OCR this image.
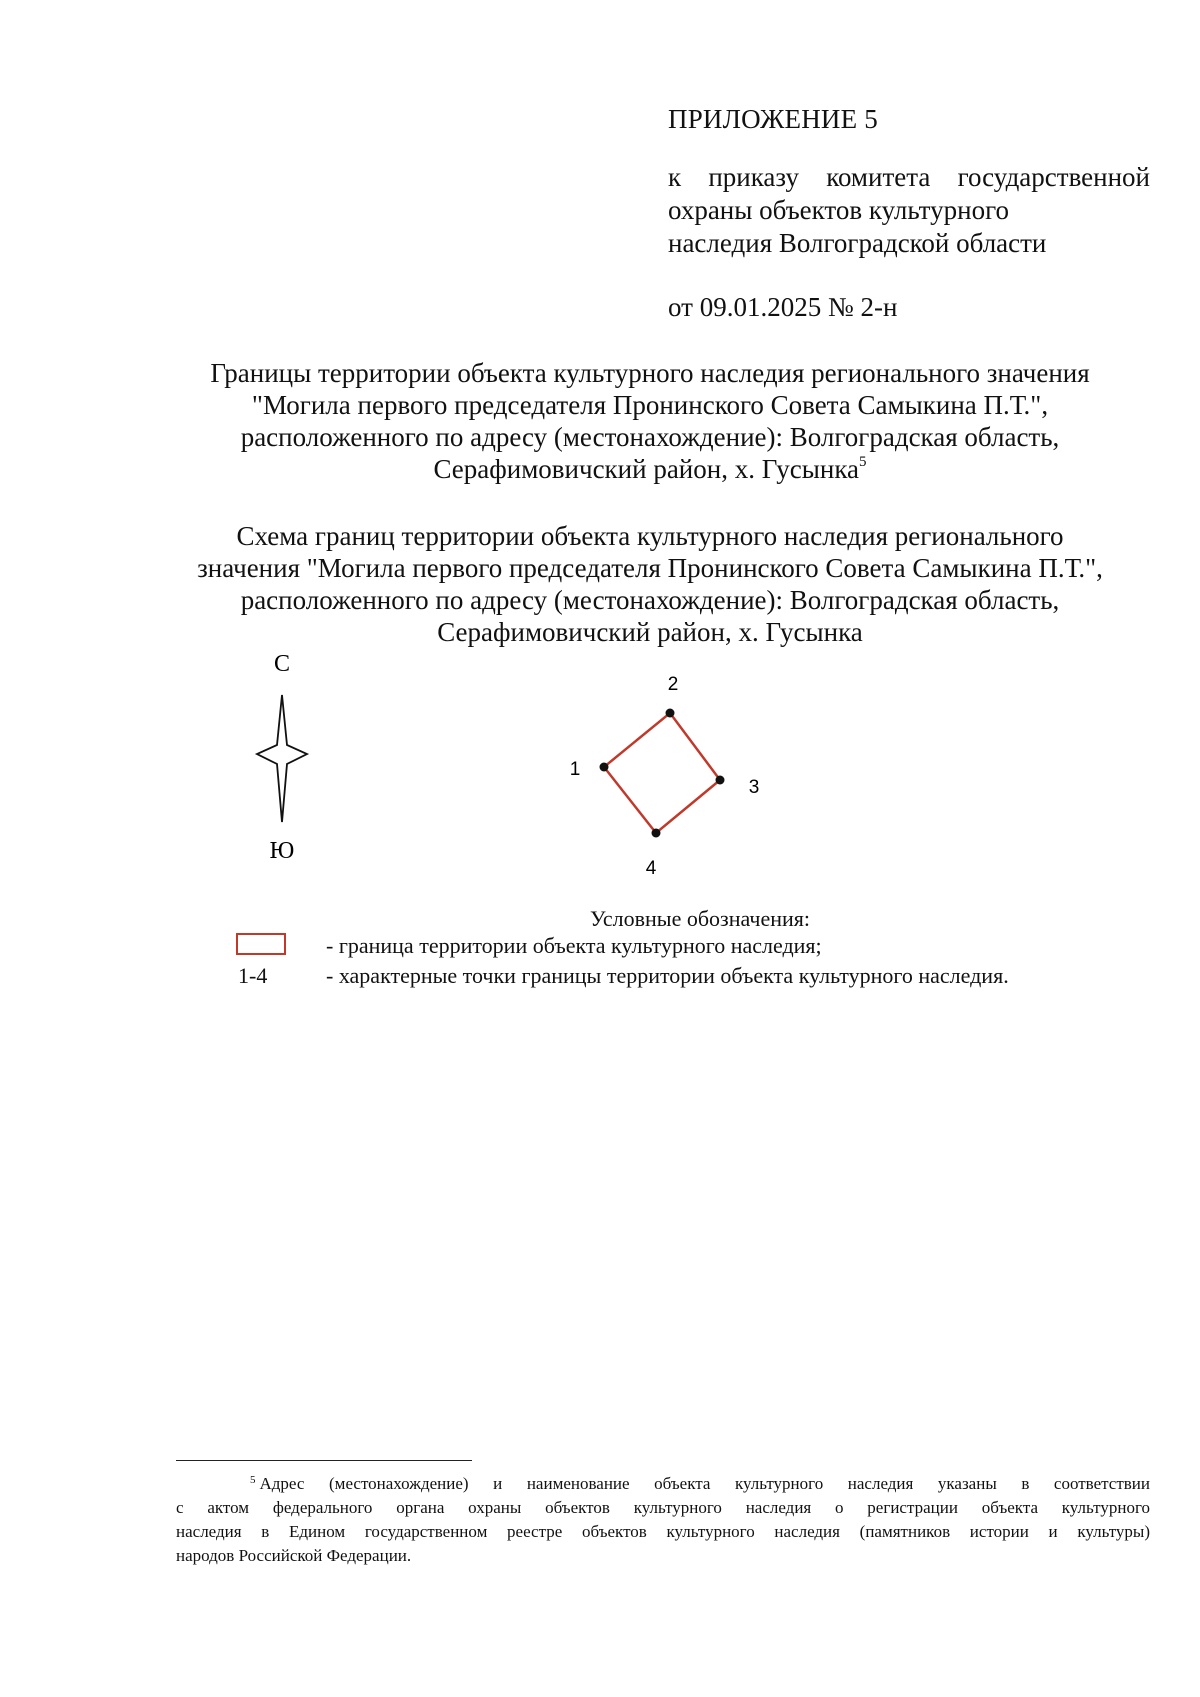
ПРИЛОЖЕНИЕ 5
к приказу комитета государственной
охраны объектов культурного
наследия Волгоградской области
от 09.01.2025 № 2-н
Границы территории объекта культурного наследия регионального значения
"Могила первого председателя Пронинского Совета Самыкина П.Т.",
расположенного по адресу (местонахождение): Волгоградская область,
Серафимовичский район, х. Гусынка$^5$
Схема границ территории объекта культурного наследия регионального
значения "Могила первого председателя Пронинского Совета Самыкина П.Т.",
расположенного по адресу (местонахождение): Волгоградская область,
Серафимовичский район, х. Гусынка
С
Ю
1
2
3
4
Условные обозначения:
- граница территории объекта культурного наследия;
1-4	- характерные точки границы территории объекта культурного наследия.
$^5$ Адрес (местонахождение) и наименование объекта культурного наследия указаны в соответствии
с актом федерального органа охраны объектов культурного наследия о регистрации объекта культурного
наследия в Едином государственном реестре объектов культурного наследия (памятников истории и культуры)
народов Российской Федерации.
